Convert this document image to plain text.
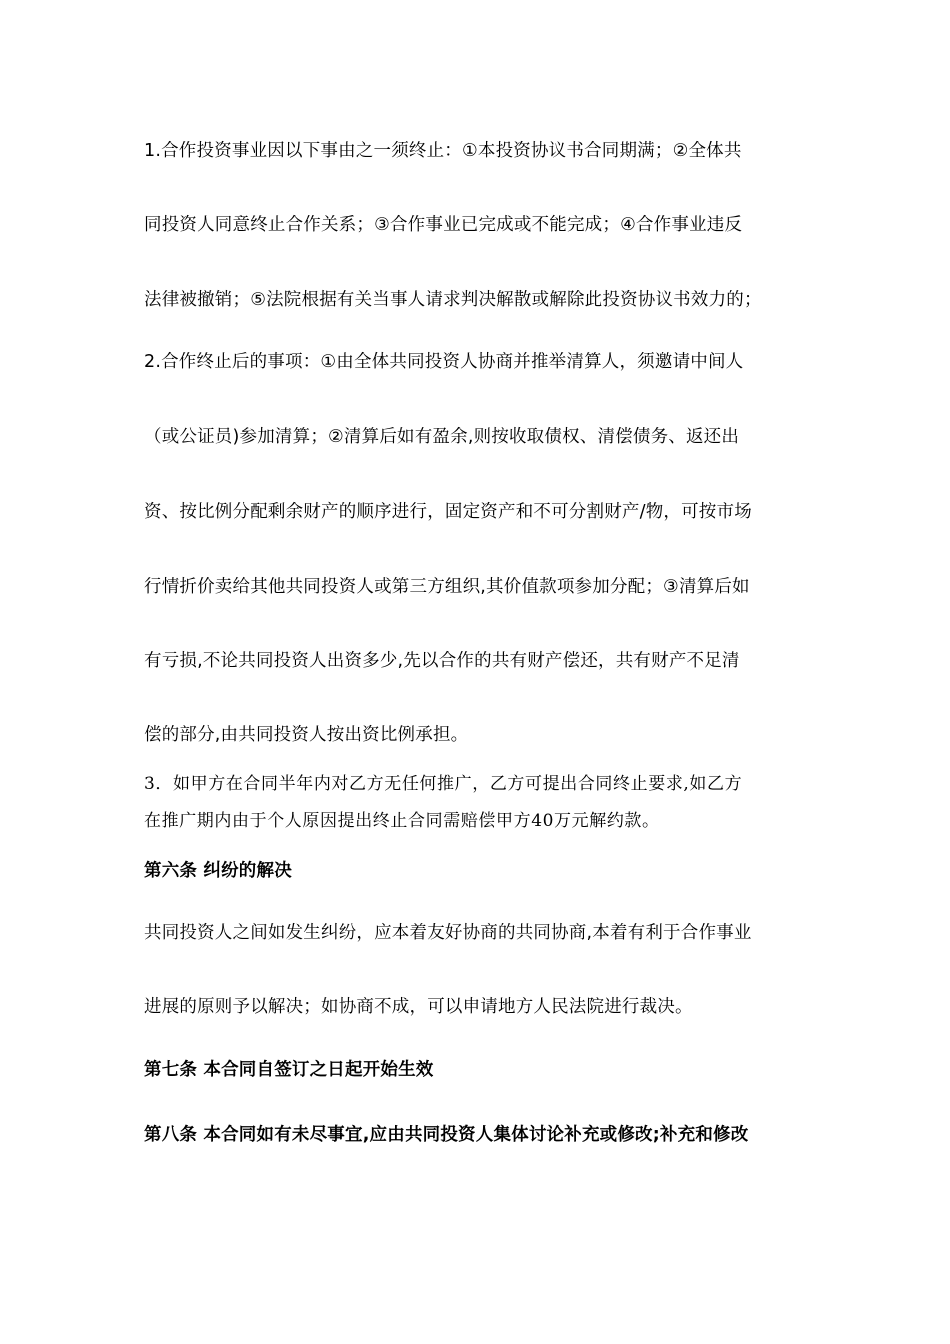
1.合作投资事业因以下事由之一须终止：①本投资协议书合同期满；②全体共
同投资人同意终止合作关系；③合作事业已完成或不能完成；④合作事业违反
法律被撤销；⑤法院根据有关当事人请求判决解散或解除此投资协议书效力的；
2.合作终止后的事项：①由全体共同投资人协商并推举清算人，须邀请中间人
（或公证员)参加清算；②清算后如有盈余,则按收取债权、清偿债务、返还出
资、按比例分配剩余财产的顺序进行，固定资产和不可分割财产/物，可按市场
行情折价卖给其他共同投资人或第三方组织,其价值款项参加分配；③清算后如
有亏损,不论共同投资人出资多少,先以合作的共有财产偿还，共有财产不足清
偿的部分,由共同投资人按出资比例承担。
3．如甲方在合同半年内对乙方无任何推广，乙方可提出合同终止要求,如乙方
在推广期内由于个人原因提出终止合同需赔偿甲方40万元解约款。
第六条 纠纷的解决
共同投资人之间如发生纠纷，应本着友好协商的共同协商,本着有利于合作事业
进展的原则予以解决；如协商不成，可以申请地方人民法院进行裁决。
第七条 本合同自签订之日起开始生效
第八条 本合同如有未尽事宜,应由共同投资人集体讨论补充或修改;补充和修改
